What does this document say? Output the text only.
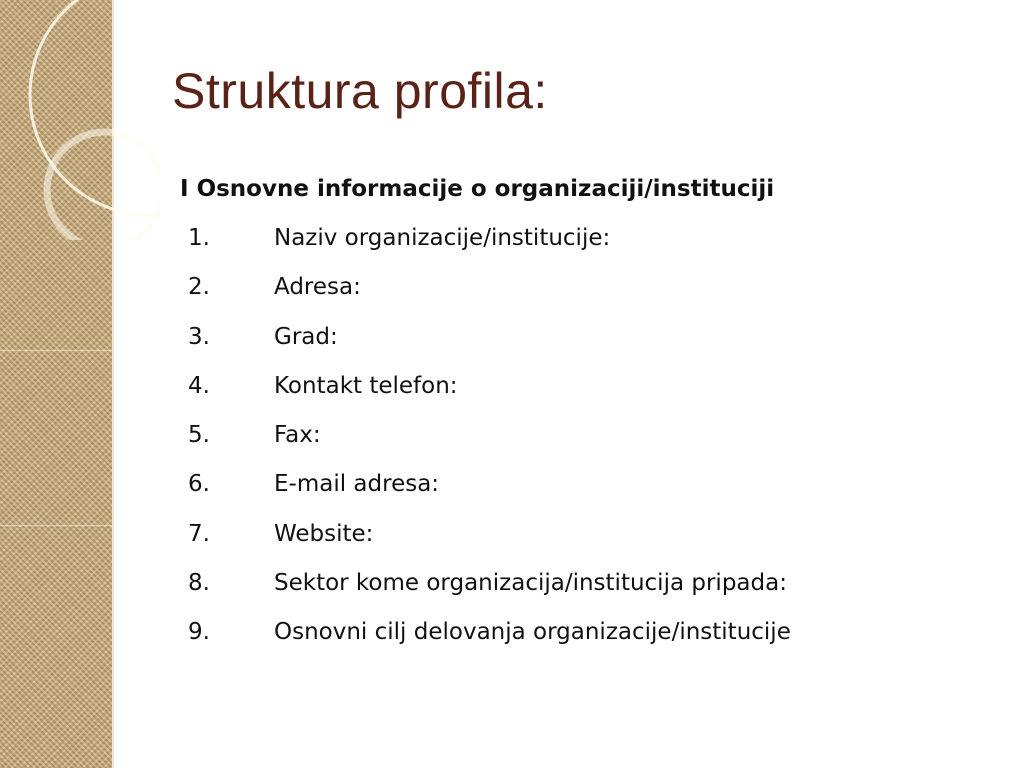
Struktura profila:
I Osnovne informacije o organizaciji/instituciji
1.	Naziv organizacije/institucije:
2.	Adresa:
3.	Grad:
4.	Kontakt telefon:
5.	Fax:
6.	E-mail adresa:
7.	Website:
8.	Sektor kome organizacija/institucija pripada:
9.	Osnovni cilj delovanja organizacije/institucije
